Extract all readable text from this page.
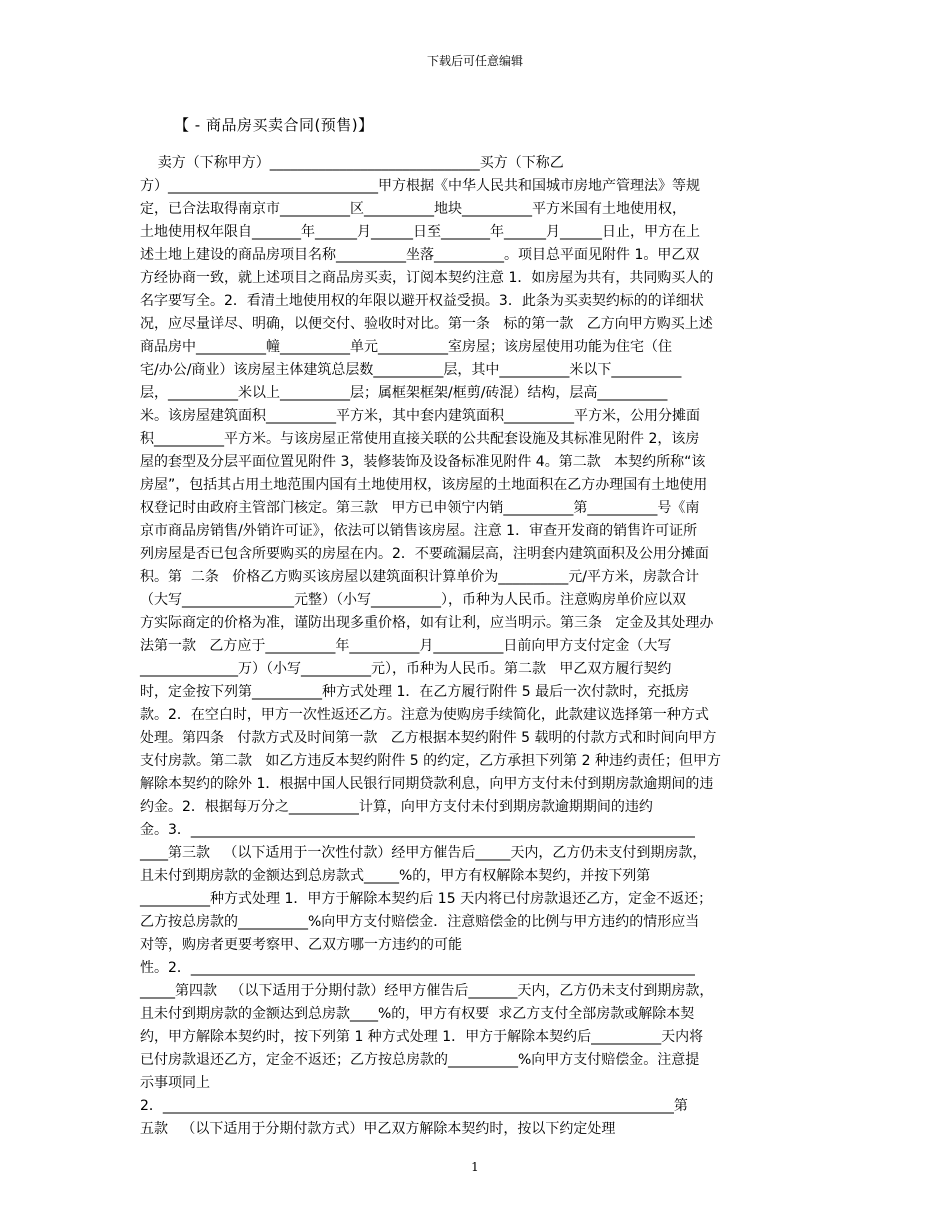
下载后可任意编辑
【 - 商品房买卖合同(预售)】
卖方（下称甲方）______________________________买方（下称乙
方）______________________________甲方根据《中华人民共和国城市房地产管理法》等规
定，已合法取得南京市__________区__________地块__________平方米国有土地使用权，
土地使用权年限自_______年______月______日至_______年______月______日止，甲方在上
述土地上建设的商品房项目名称__________坐落__________。项目总平面见附件 1。甲乙双
方经协商一致，就上述项目之商品房买卖，订阅本契约注意 1．如房屋为共有，共同购买人的
名字要写全。2．看清土地使用权的年限以避开权益受损。3．此条为买卖契约标的的详细状
况，应尽量详尽、明确，以便交付、验收时对比。第一条   标的第一款   乙方向甲方购买上述
商品房中__________幢__________单元__________室房屋；该房屋使用功能为住宅（住
宅/办公/商业）该房屋主体建筑总层数__________层，其中__________米以下__________
层，__________米以上__________层；属框架框架/框剪/砖混）结构，层高__________
米。该房屋建筑面积__________平方米，其中套内建筑面积__________平方米，公用分摊面
积__________平方米。与该房屋正常使用直接关联的公共配套设施及其标准见附件 2，该房
屋的套型及分层平面位置见附件 3，装修装饰及设备标准见附件 4。第二款   本契约所称“该
房屋”，包括其占用土地范围内国有土地使用权，该房屋的土地面积在乙方办理国有土地使用
权登记时由政府主管部门核定。第三款   甲方已申领宁内销__________第__________号《南
京市商品房销售/外销许可证》，依法可以销售该房屋。注意 1．审查开发商的销售许可证所
列房屋是否已包含所要购买的房屋在内。2．不要疏漏层高，注明套内建筑面积及公用分摊面
积。第  二条   价格乙方购买该房屋以建筑面积计算单价为__________元/平方米，房款合计
（大写________________元整）（小写__________），币种为人民币。注意购房单价应以双
方实际商定的价格为准，谨防出现多重价格，如有让利，应当明示。第三条   定金及其处理办
法第一款   乙方应于__________年__________月__________日前向甲方支付定金（大写
______________万）（小写__________元），币种为人民币。第二款   甲乙双方履行契约
时，定金按下列第__________种方式处理 1．在乙方履行附件 5 最后一次付款时，充抵房
款。2．在空白时，甲方一次性返还乙方。注意为使购房手续简化，此款建议选择第一种方式
处理。第四条   付款方式及时间第一款   乙方根据本契约附件 5 载明的付款方式和时间向甲方
支付房款。第二款   如乙方违反本契约附件 5 的约定，乙方承担下列第 2 种违约责任；但甲方
解除本契约的除外 1．根据中国人民银行同期贷款利息，向甲方支付未付到期房款逾期间的违
约金。2．根据每万分之__________计算，向甲方支付未付到期房款逾期期间的违约
金。3．________________________________________________________________________
____第三款   （以下适用于一次性付款）经甲方催告后_____天内，乙方仍未支付到期房款，
且未付到期房款的金额达到总房款式_____%的，甲方有权解除本契约，并按下列第
__________种方式处理 1．甲方于解除本契约后 15 天内将已付房款退还乙方，定金不返还；
乙方按总房款的__________%向甲方支付赔偿金．注意赔偿金的比例与甲方违约的情形应当
对等，购房者更要考察甲、乙双方哪一方违约的可能
性。2．________________________________________________________________________
_____第四款   （以下适用于分期付款）经甲方催告后_______天内，乙方仍未支付到期房款，
且未付到期房款的金额达到总房款____%的，甲方有权要  求乙方支付全部房款或解除本契
约，甲方解除本契约时，按下列第 1 种方式处理 1．甲方于解除本契约后__________天内将
已付房款退还乙方，定金不返还；乙方按总房款的__________%向甲方支付赔偿金。注意提
示事项同上
2．_________________________________________________________________________第
五款   （以下适用于分期付款方式）甲乙双方解除本契约时，按以下约定处理
1
